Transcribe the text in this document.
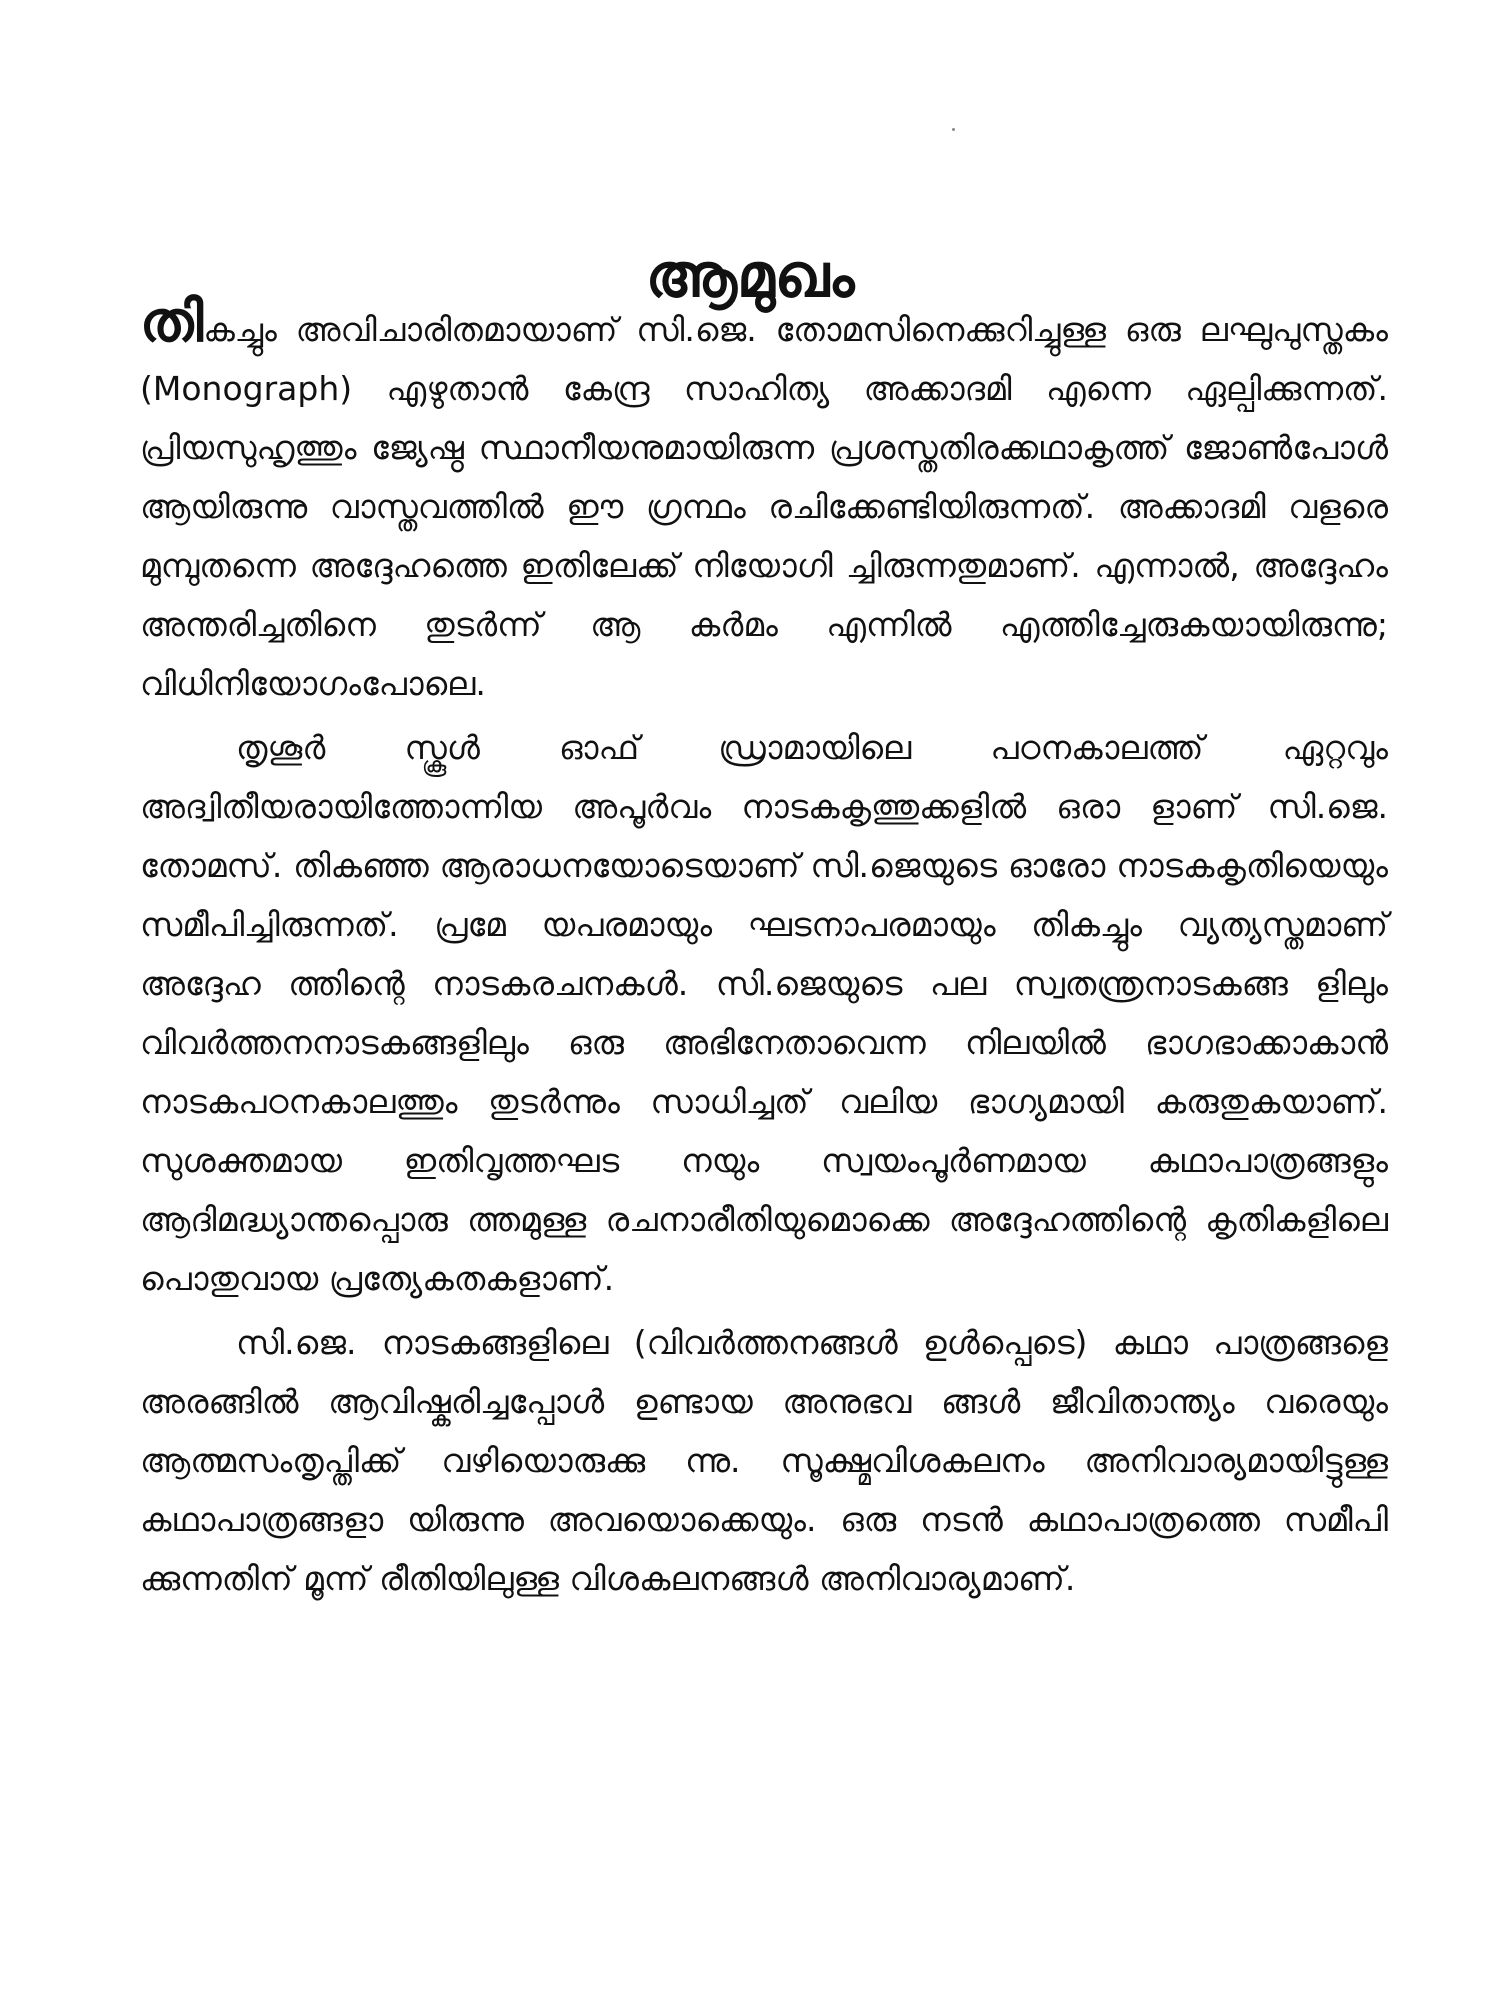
ആമുഖം

തികച്ചും അവിചാരിതമായാണ് സി.ജെ. തോമസിനെക്കുറിച്ചുള്ള ഒരു ലഘുപുസ്തകം (Monograph) എഴുതാൻ കേന്ദ്ര സാഹിത്യ അക്കാദമി എന്നെ ഏല്പിക്കുന്നത്. പ്രിയസുഹൃത്തും ജ്യേഷ്ഠ സ്ഥാനീയനുമായിരുന്ന പ്രശസ്തതിരക്കഥാകൃത്ത് ജോൺപോൾ ആയിരുന്നു വാസ്തവത്തിൽ ഈ ഗ്രന്ഥം രചിക്കേണ്ടിയിരുന്നത്. അക്കാദമി വളരെ മുമ്പുതന്നെ അദ്ദേഹത്തെ ഇതിലേക്ക് നിയോഗി ച്ചിരുന്നതുമാണ്. എന്നാൽ, അദ്ദേഹം അന്തരിച്ചതിനെ തുടർന്ന് ആ കർമം എന്നിൽ എത്തിച്ചേരുകയായിരുന്നു; വിധിനിയോഗംപോലെ.

തൃശൂർ സ്കൂൾ ഓഫ് ഡ്രാമായിലെ പഠനകാലത്ത് ഏറ്റവും അദ്വിതീയരായിത്തോന്നിയ അപൂർവം നാടകകൃത്തുക്കളിൽ ഒരാ ളാണ് സി.ജെ. തോമസ്. തികഞ്ഞ ആരാധനയോടെയാണ് സി.ജെയുടെ ഓരോ നാടകകൃതിയെയും സമീപിച്ചിരുന്നത്. പ്രമേ യപരമായും ഘടനാപരമായും തികച്ചും വ്യത്യസ്തമാണ് അദ്ദേഹ ത്തിന്റെ നാടകരചനകൾ. സി.ജെയുടെ പല സ്വതന്ത്രനാടകങ്ങ ളിലും വിവർത്തനനാടകങ്ങളിലും ഒരു അഭിനേതാവെന്ന നിലയിൽ ഭാഗഭാക്കാകാൻ നാടകപഠനകാലത്തും തുടർന്നും സാധിച്ചത് വലിയ ഭാഗ്യമായി കരുതുകയാണ്. സുശക്തമായ ഇതിവൃത്തഘട നയും സ്വയംപൂർണമായ കഥാപാത്രങ്ങളും ആദിമദ്ധ്യാന്തപ്പൊരു ത്തമുള്ള രചനാരീതിയുമൊക്കെ അദ്ദേഹത്തിന്റെ കൃതികളിലെ പൊതുവായ പ്രത്യേകതകളാണ്.

സി.ജെ. നാടകങ്ങളിലെ (വിവർത്തനങ്ങൾ ഉൾപ്പെടെ) കഥാ പാത്രങ്ങളെ അരങ്ങിൽ ആവിഷ്കരിച്ചപ്പോൾ ഉണ്ടായ അനുഭവ ങ്ങൾ ജീവിതാന്ത്യം വരെയും ആത്മസംതൃപ്തിക്ക് വഴിയൊരുക്കു ന്നു. സൂക്ഷ്മവിശകലനം അനിവാര്യമായിട്ടുള്ള കഥാപാത്രങ്ങളാ യിരുന്നു അവയൊക്കെയും. ഒരു നടൻ കഥാപാത്രത്തെ സമീപി ക്കുന്നതിന് മൂന്ന് രീതിയിലുള്ള വിശകലനങ്ങൾ അനിവാര്യമാണ്.
